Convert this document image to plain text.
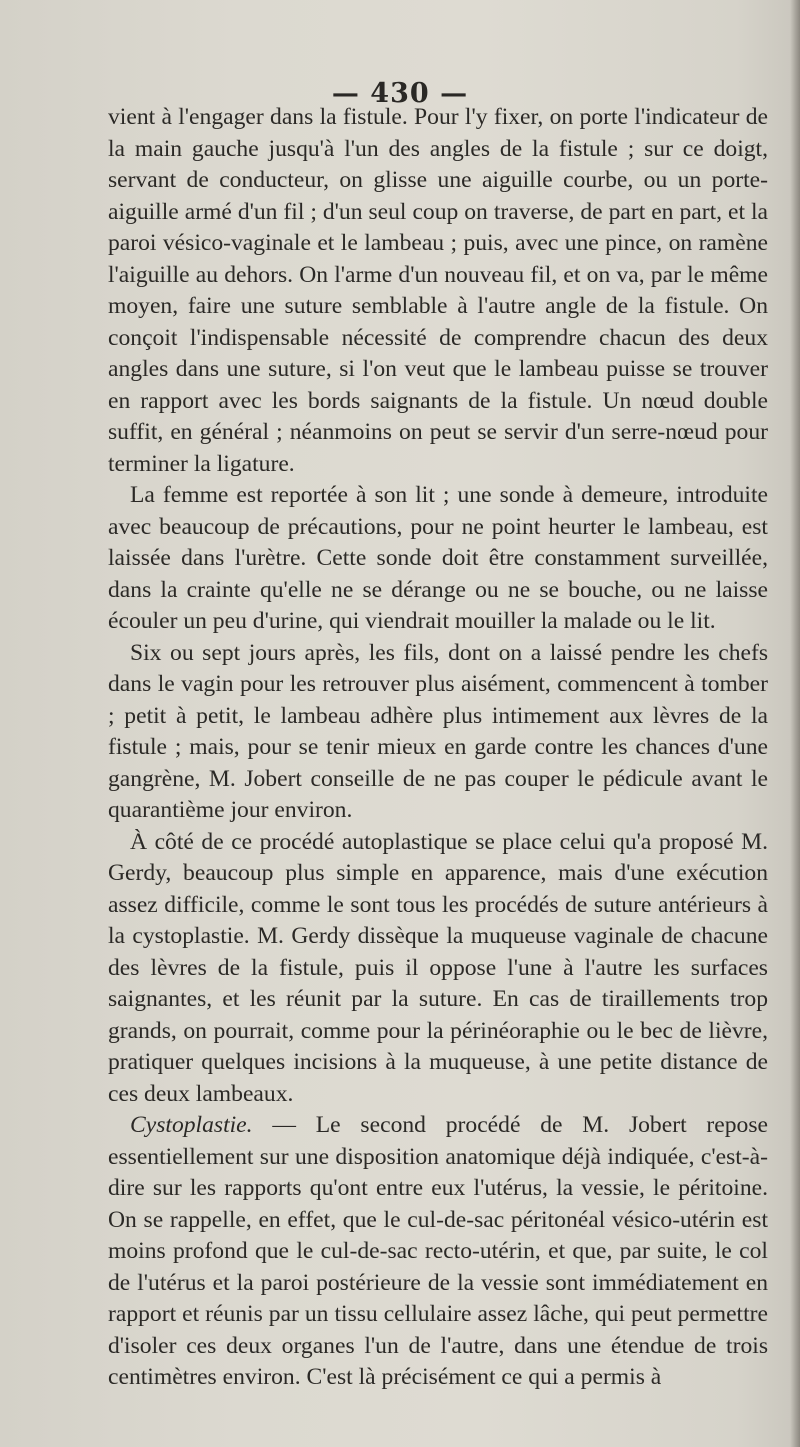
— 430 —

vient à l'engager dans la fistule. Pour l'y fixer, on porte l'indicateur de la main gauche jusqu'à l'un des angles de la fistule ; sur ce doigt, servant de conducteur, on glisse une aiguille courbe, ou un porte-aiguille armé d'un fil ; d'un seul coup on traverse, de part en part, et la paroi vésico-vaginale et le lambeau ; puis, avec une pince, on ramène l'aiguille au dehors. On l'arme d'un nouveau fil, et on va, par le même moyen, faire une suture semblable à l'autre angle de la fistule. On conçoit l'indispensable nécessité de comprendre chacun des deux angles dans une suture, si l'on veut que le lambeau puisse se trouver en rapport avec les bords saignants de la fistule. Un nœud double suffit, en général ; néanmoins on peut se servir d'un serre-nœud pour terminer la ligature.

La femme est reportée à son lit ; une sonde à demeure, introduite avec beaucoup de précautions, pour ne point heurter le lambeau, est laissée dans l'urètre. Cette sonde doit être constamment surveillée, dans la crainte qu'elle ne se dérange ou ne se bouche, ou ne laisse écouler un peu d'urine, qui viendrait mouiller la malade ou le lit.

Six ou sept jours après, les fils, dont on a laissé pendre les chefs dans le vagin pour les retrouver plus aisément, commencent à tomber ; petit à petit, le lambeau adhère plus intimement aux lèvres de la fistule ; mais, pour se tenir mieux en garde contre les chances d'une gangrène, M. Jobert conseille de ne pas couper le pédicule avant le quarantième jour environ.

À côté de ce procédé autoplastique se place celui qu'a proposé M. Gerdy, beaucoup plus simple en apparence, mais d'une exécution assez difficile, comme le sont tous les procédés de suture antérieurs à la cystoplastie. M. Gerdy dissèque la muqueuse vaginale de chacune des lèvres de la fistule, puis il oppose l'une à l'autre les surfaces saignantes, et les réunit par la suture. En cas de tiraillements trop grands, on pourrait, comme pour la périnéoraphie ou le bec de lièvre, pratiquer quelques incisions à la muqueuse, à une petite distance de ces deux lambeaux.

Cystoplastie. — Le second procédé de M. Jobert repose essentiellement sur une disposition anatomique déjà indiquée, c'est-à-dire sur les rapports qu'ont entre eux l'utérus, la vessie, le péritoine. On se rappelle, en effet, que le cul-de-sac péritonéal vésico-utérin est moins profond que le cul-de-sac recto-utérin, et que, par suite, le col de l'utérus et la paroi postérieure de la vessie sont immédiatement en rapport et réunis par un tissu cellulaire assez lâche, qui peut permettre d'isoler ces deux organes l'un de l'autre, dans une étendue de trois centimètres environ. C'est là précisément ce qui a permis à
